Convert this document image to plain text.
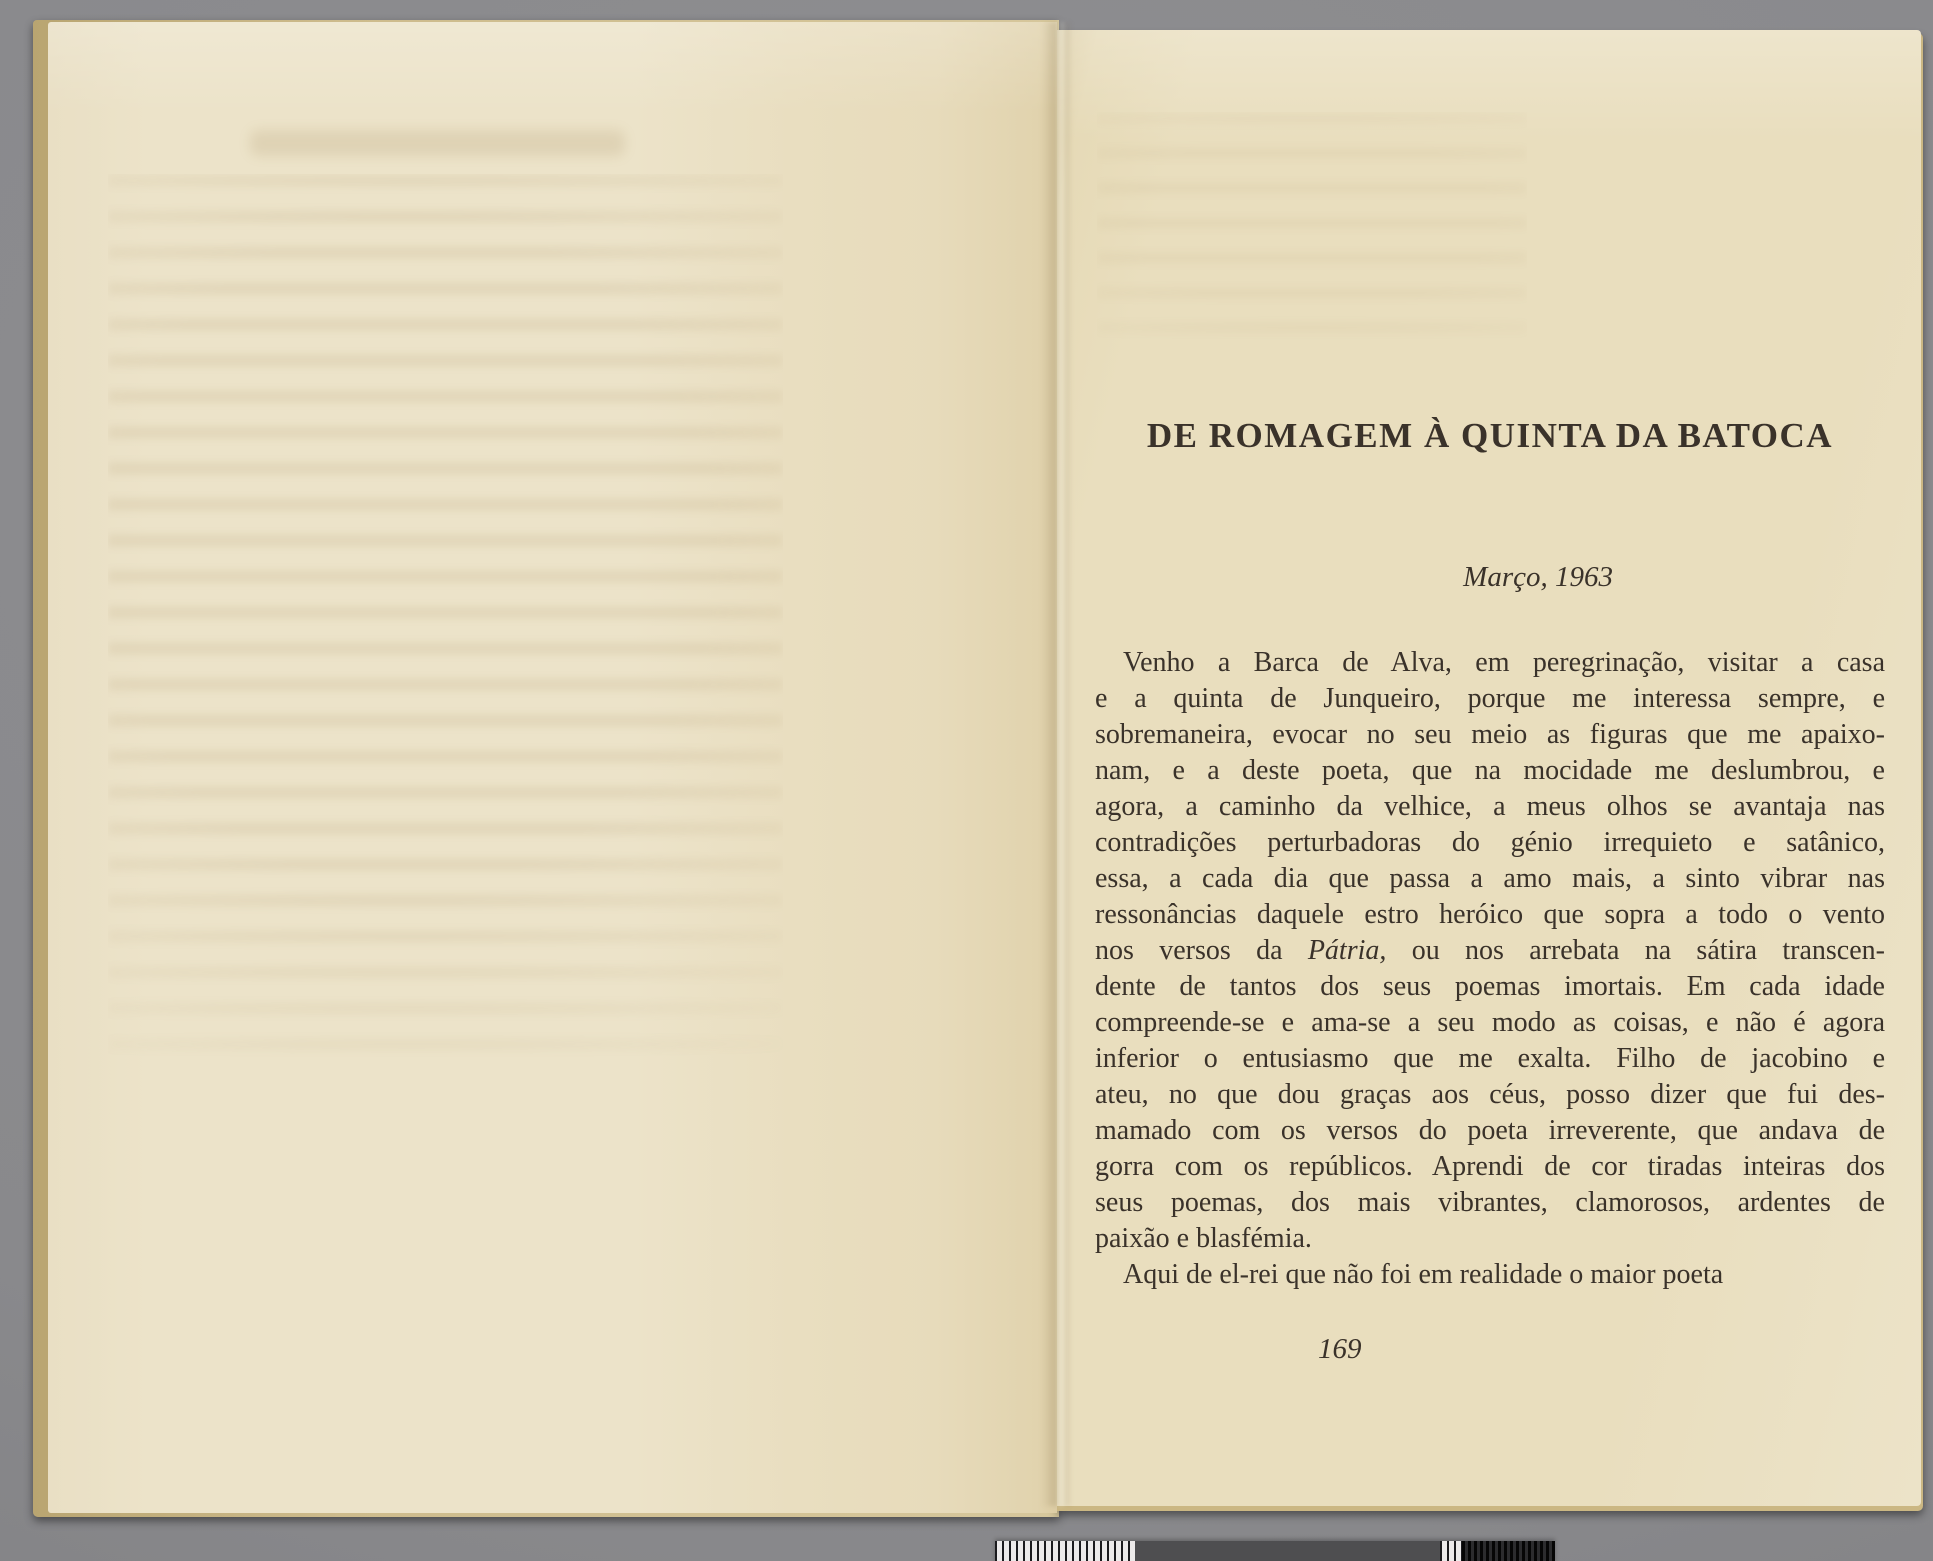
DE ROMAGEM À QUINTA DA BATOCA
Março, 1963
Venho a Barca de Alva, em peregrinação, visitar a casa
e a quinta de Junqueiro, porque me interessa sempre, e
sobremaneira, evocar no seu meio as figuras que me apaixo-
nam, e a deste poeta, que na mocidade me deslumbrou, e
agora, a caminho da velhice, a meus olhos se avantaja nas
contradições perturbadoras do génio irrequieto e satânico,
essa, a cada dia que passa a amo mais, a sinto vibrar nas
ressonâncias daquele estro heróico que sopra a todo o vento
nos versos da Pátria, ou nos arrebata na sátira transcen-
dente de tantos dos seus poemas imortais. Em cada idade
compreende-se e ama-se a seu modo as coisas, e não é agora
inferior o entusiasmo que me exalta. Filho de jacobino e
ateu, no que dou graças aos céus, posso dizer que fui des-
mamado com os versos do poeta irreverente, que andava de
gorra com os repúblicos. Aprendi de cor tiradas inteiras dos
seus poemas, dos mais vibrantes, clamorosos, ardentes de
paixão e blasfémia.
Aqui de el-rei que não foi em realidade o maior poeta
169
